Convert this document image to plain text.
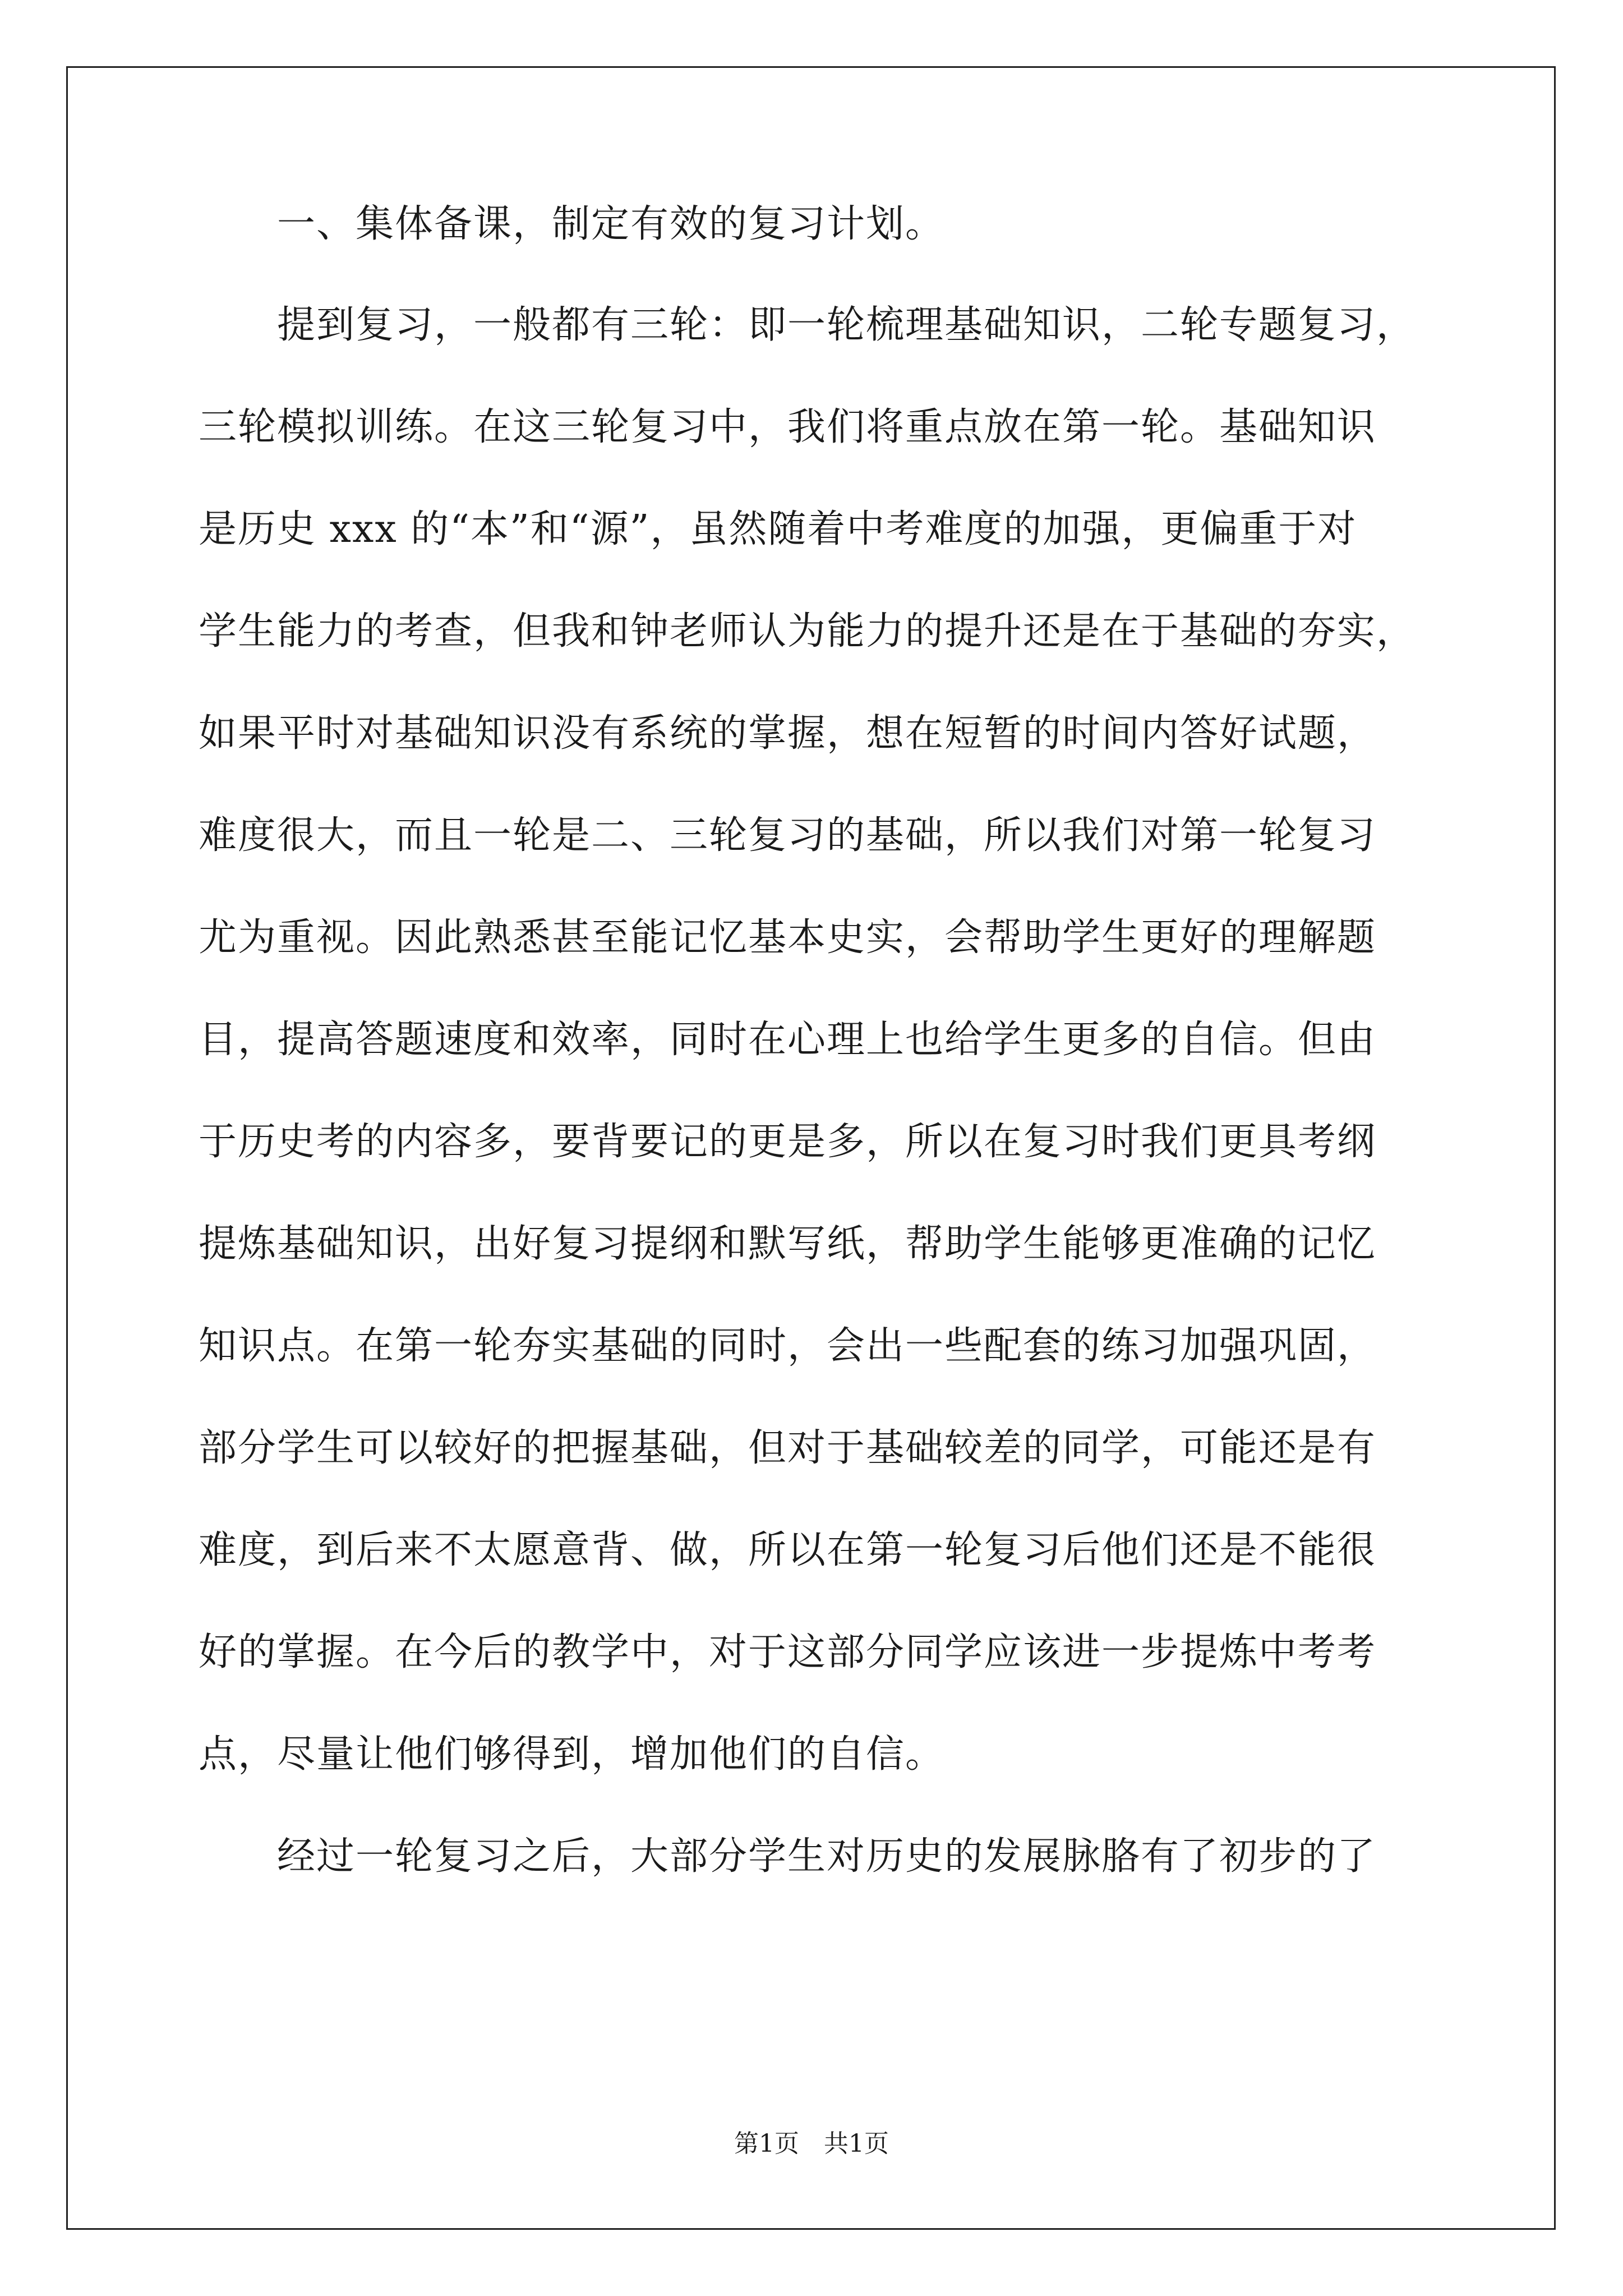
　　一、集体备课，制定有效的复习计划。
　　提到复习，一般都有三轮：即一轮梳理基础知识，二轮专题复习，
三轮模拟训练。在这三轮复习中，我们将重点放在第一轮。基础知识
是历史 xxx 的“本”和“源”，虽然随着中考难度的加强，更偏重于对
学生能力的考查，但我和钟老师认为能力的提升还是在于基础的夯实，
如果平时对基础知识没有系统的掌握，想在短暂的时间内答好试题，
难度很大，而且一轮是二、三轮复习的基础，所以我们对第一轮复习
尤为重视。因此熟悉甚至能记忆基本史实，会帮助学生更好的理解题
目，提高答题速度和效率，同时在心理上也给学生更多的自信。但由
于历史考的内容多，要背要记的更是多，所以在复习时我们更具考纲
提炼基础知识，出好复习提纲和默写纸，帮助学生能够更准确的记忆
知识点。在第一轮夯实基础的同时，会出一些配套的练习加强巩固，
部分学生可以较好的把握基础，但对于基础较差的同学，可能还是有
难度，到后来不太愿意背、做，所以在第一轮复习后他们还是不能很
好的掌握。在今后的教学中，对于这部分同学应该进一步提炼中考考
点，尽量让他们够得到，增加他们的自信。
　　经过一轮复习之后，大部分学生对历史的发展脉胳有了初步的了
第1页　共1页
